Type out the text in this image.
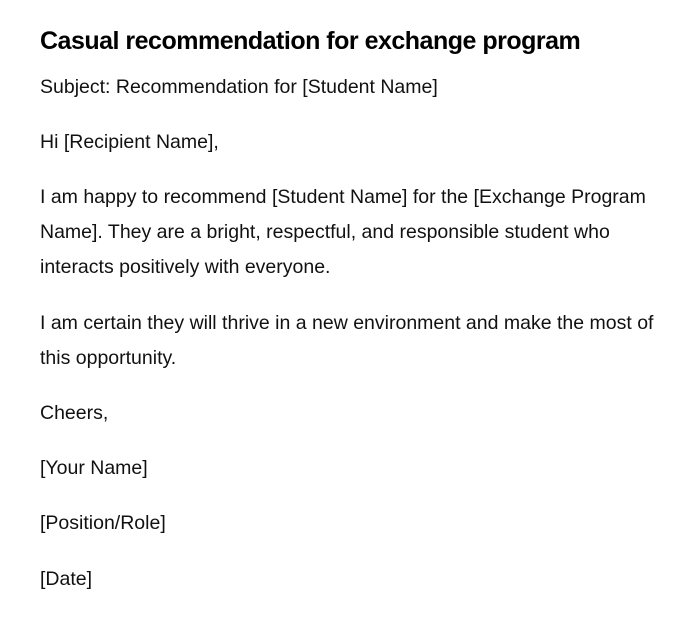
Casual recommendation for exchange program

Subject: Recommendation for [Student Name]

Hi [Recipient Name],

I am happy to recommend [Student Name] for the [Exchange Program Name]. They are a bright, respectful, and responsible student who interacts positively with everyone.

I am certain they will thrive in a new environment and make the most of this opportunity.

Cheers,

[Your Name]

[Position/Role]

[Date]
